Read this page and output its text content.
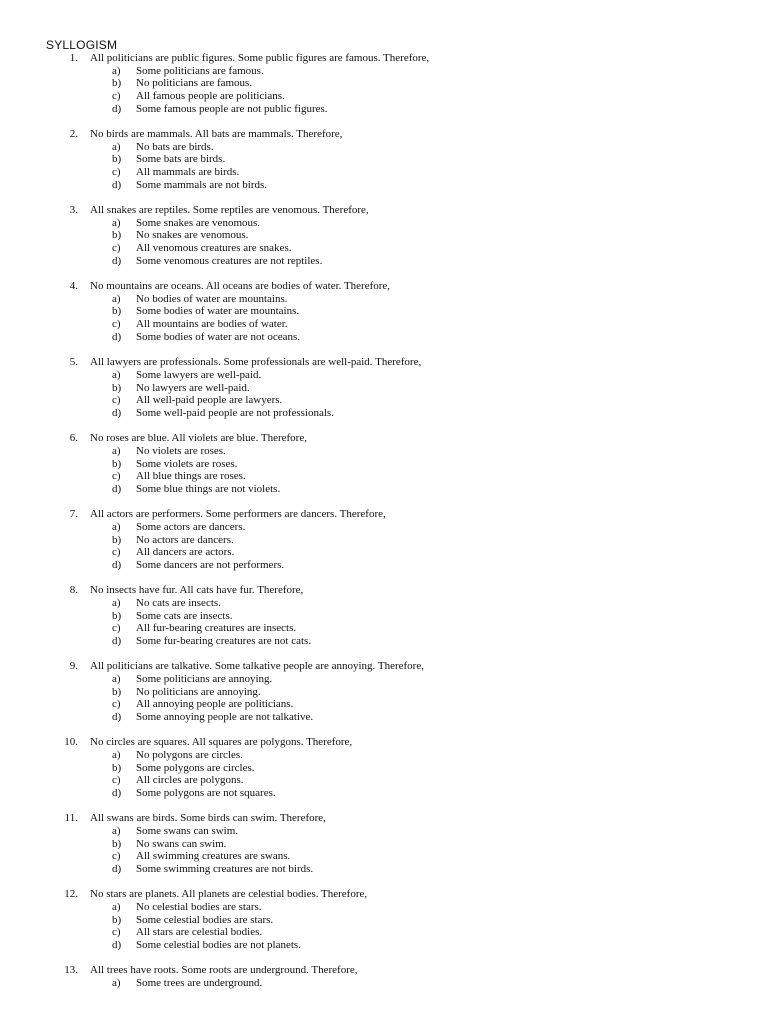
SYLLOGISM
1. All politicians are public figures. Some public figures are famous. Therefore,
a) Some politicians are famous.
b) No politicians are famous.
c) All famous people are politicians.
d) Some famous people are not public figures.
2. No birds are mammals. All bats are mammals. Therefore,
a) No bats are birds.
b) Some bats are birds.
c) All mammals are birds.
d) Some mammals are not birds.
3. All snakes are reptiles. Some reptiles are venomous. Therefore,
a) Some snakes are venomous.
b) No snakes are venomous.
c) All venomous creatures are snakes.
d) Some venomous creatures are not reptiles.
4. No mountains are oceans. All oceans are bodies of water. Therefore,
a) No bodies of water are mountains.
b) Some bodies of water are mountains.
c) All mountains are bodies of water.
d) Some bodies of water are not oceans.
5. All lawyers are professionals. Some professionals are well-paid. Therefore,
a) Some lawyers are well-paid.
b) No lawyers are well-paid.
c) All well-paid people are lawyers.
d) Some well-paid people are not professionals.
6. No roses are blue. All violets are blue. Therefore,
a) No violets are roses.
b) Some violets are roses.
c) All blue things are roses.
d) Some blue things are not violets.
7. All actors are performers. Some performers are dancers. Therefore,
a) Some actors are dancers.
b) No actors are dancers.
c) All dancers are actors.
d) Some dancers are not performers.
8. No insects have fur. All cats have fur. Therefore,
a) No cats are insects.
b) Some cats are insects.
c) All fur-bearing creatures are insects.
d) Some fur-bearing creatures are not cats.
9. All politicians are talkative. Some talkative people are annoying. Therefore,
a) Some politicians are annoying.
b) No politicians are annoying.
c) All annoying people are politicians.
d) Some annoying people are not talkative.
10. No circles are squares. All squares are polygons. Therefore,
a) No polygons are circles.
b) Some polygons are circles.
c) All circles are polygons.
d) Some polygons are not squares.
11. All swans are birds. Some birds can swim. Therefore,
a) Some swans can swim.
b) No swans can swim.
c) All swimming creatures are swans.
d) Some swimming creatures are not birds.
12. No stars are planets. All planets are celestial bodies. Therefore,
a) No celestial bodies are stars.
b) Some celestial bodies are stars.
c) All stars are celestial bodies.
d) Some celestial bodies are not planets.
13. All trees have roots. Some roots are underground. Therefore,
a) Some trees are underground.
